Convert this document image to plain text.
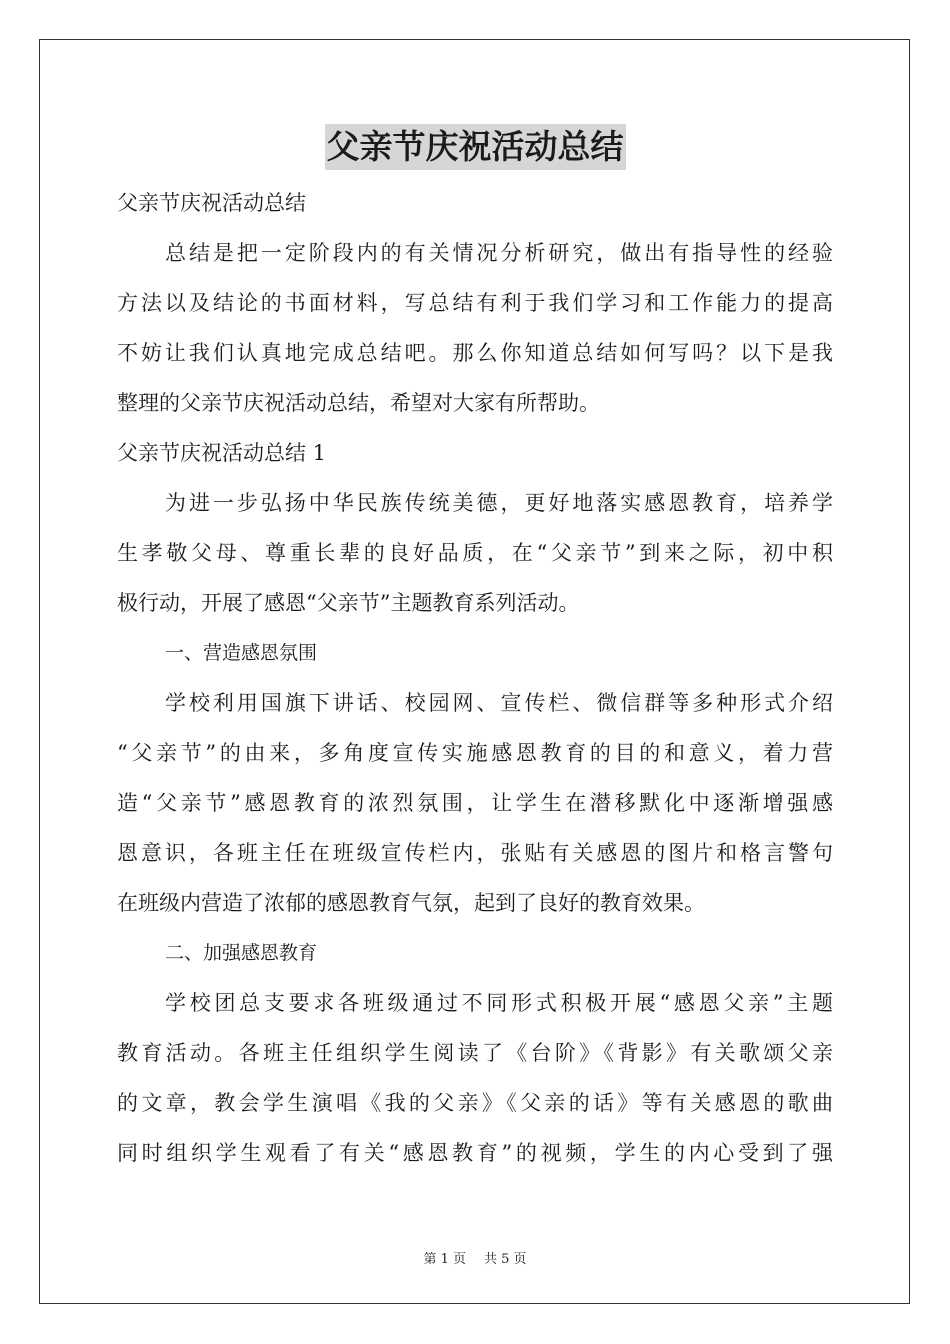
父亲节庆祝活动总结
父亲节庆祝活动总结
总结是把一定阶段内的有关情况分析研究，做出有指导性的经验
方法以及结论的书面材料，写总结有利于我们学习和工作能力的提高
不妨让我们认真地完成总结吧。那么你知道总结如何写吗？以下是我
整理的父亲节庆祝活动总结，希望对大家有所帮助。
父亲节庆祝活动总结 1
为进一步弘扬中华民族传统美德，更好地落实感恩教育，培养学
生孝敬父母、尊重长辈的良好品质，在“父亲节”到来之际，初中积
极行动，开展了感恩“父亲节”主题教育系列活动。
一、营造感恩氛围
学校利用国旗下讲话、校园网、宣传栏、微信群等多种形式介绍
“父亲节”的由来，多角度宣传实施感恩教育的目的和意义，着力营
造“父亲节”感恩教育的浓烈氛围，让学生在潜移默化中逐渐增强感
恩意识，各班主任在班级宣传栏内，张贴有关感恩的图片和格言警句
在班级内营造了浓郁的感恩教育气氛，起到了良好的教育效果。
二、加强感恩教育
学校团总支要求各班级通过不同形式积极开展“感恩父亲”主题
教育活动。各班主任组织学生阅读了《台阶》《背影》有关歌颂父亲
的文章，教会学生演唱《我的父亲》《父亲的话》等有关感恩的歌曲
同时组织学生观看了有关“感恩教育”的视频，学生的内心受到了强
第 1 页 共 5 页
